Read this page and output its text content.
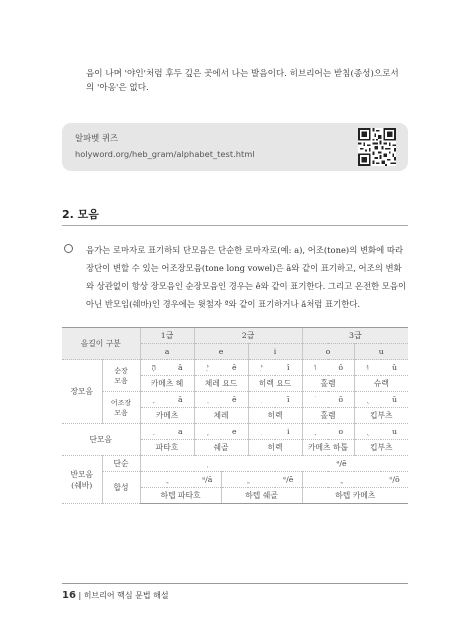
음이 나며 '야인'처럼 후두 깊은 곳에서 나는 발음이다. 히브리어는 받침(종성)으로서의 '아옹'은 없다.
알파벳 퀴즈
holyword.org/heb_gram/alphabet_test.html
2. 모음
음가는 로마자로 표기하되 단모음은 단순한 로마자로(예: a), 어조(tone)의 변화에 따라 장단이 변할 수 있는 어조장모음(tone long vowel)은 ā와 같이 표기하고, 어조의 변화와 상관없이 항상 장모음인 순장모음인 경우는 ê와 같이 표기한다. 그리고 온전한 모음이 아닌 반모임(쉐바)인 경우에는 윗첨자 ª와 같이 표기하거나 ă처럼 표기한다.
음길이 구분		1급		2급				3급			
		a		e		i		o		u	
장모음	순장
모음	הָ	â	ֵי	ê	ִי	î	וֹ	ô	וּ	û
		카메츠 헤		체레 요드		히렉 요드		홀렘		슈렉	
	어조장
모음		ā		ē		ī		ō		ū
		카메츠		체레		히렉		홀렘		킵부츠	
단모음			a		e		i		o		u
		파타흐		쉐골		히렉		카메츠 하툽		킵부츠	
반모음
(쉐바)	단순						ᵊ/ĕ				
	합성			ᵃ/ă			ᵉ/ĕ				ᵒ/ŏ
		하텝 파타흐			하텝 쉐골			하텝 카메츠			
16 | 히브리어 핵심 문법 해설
